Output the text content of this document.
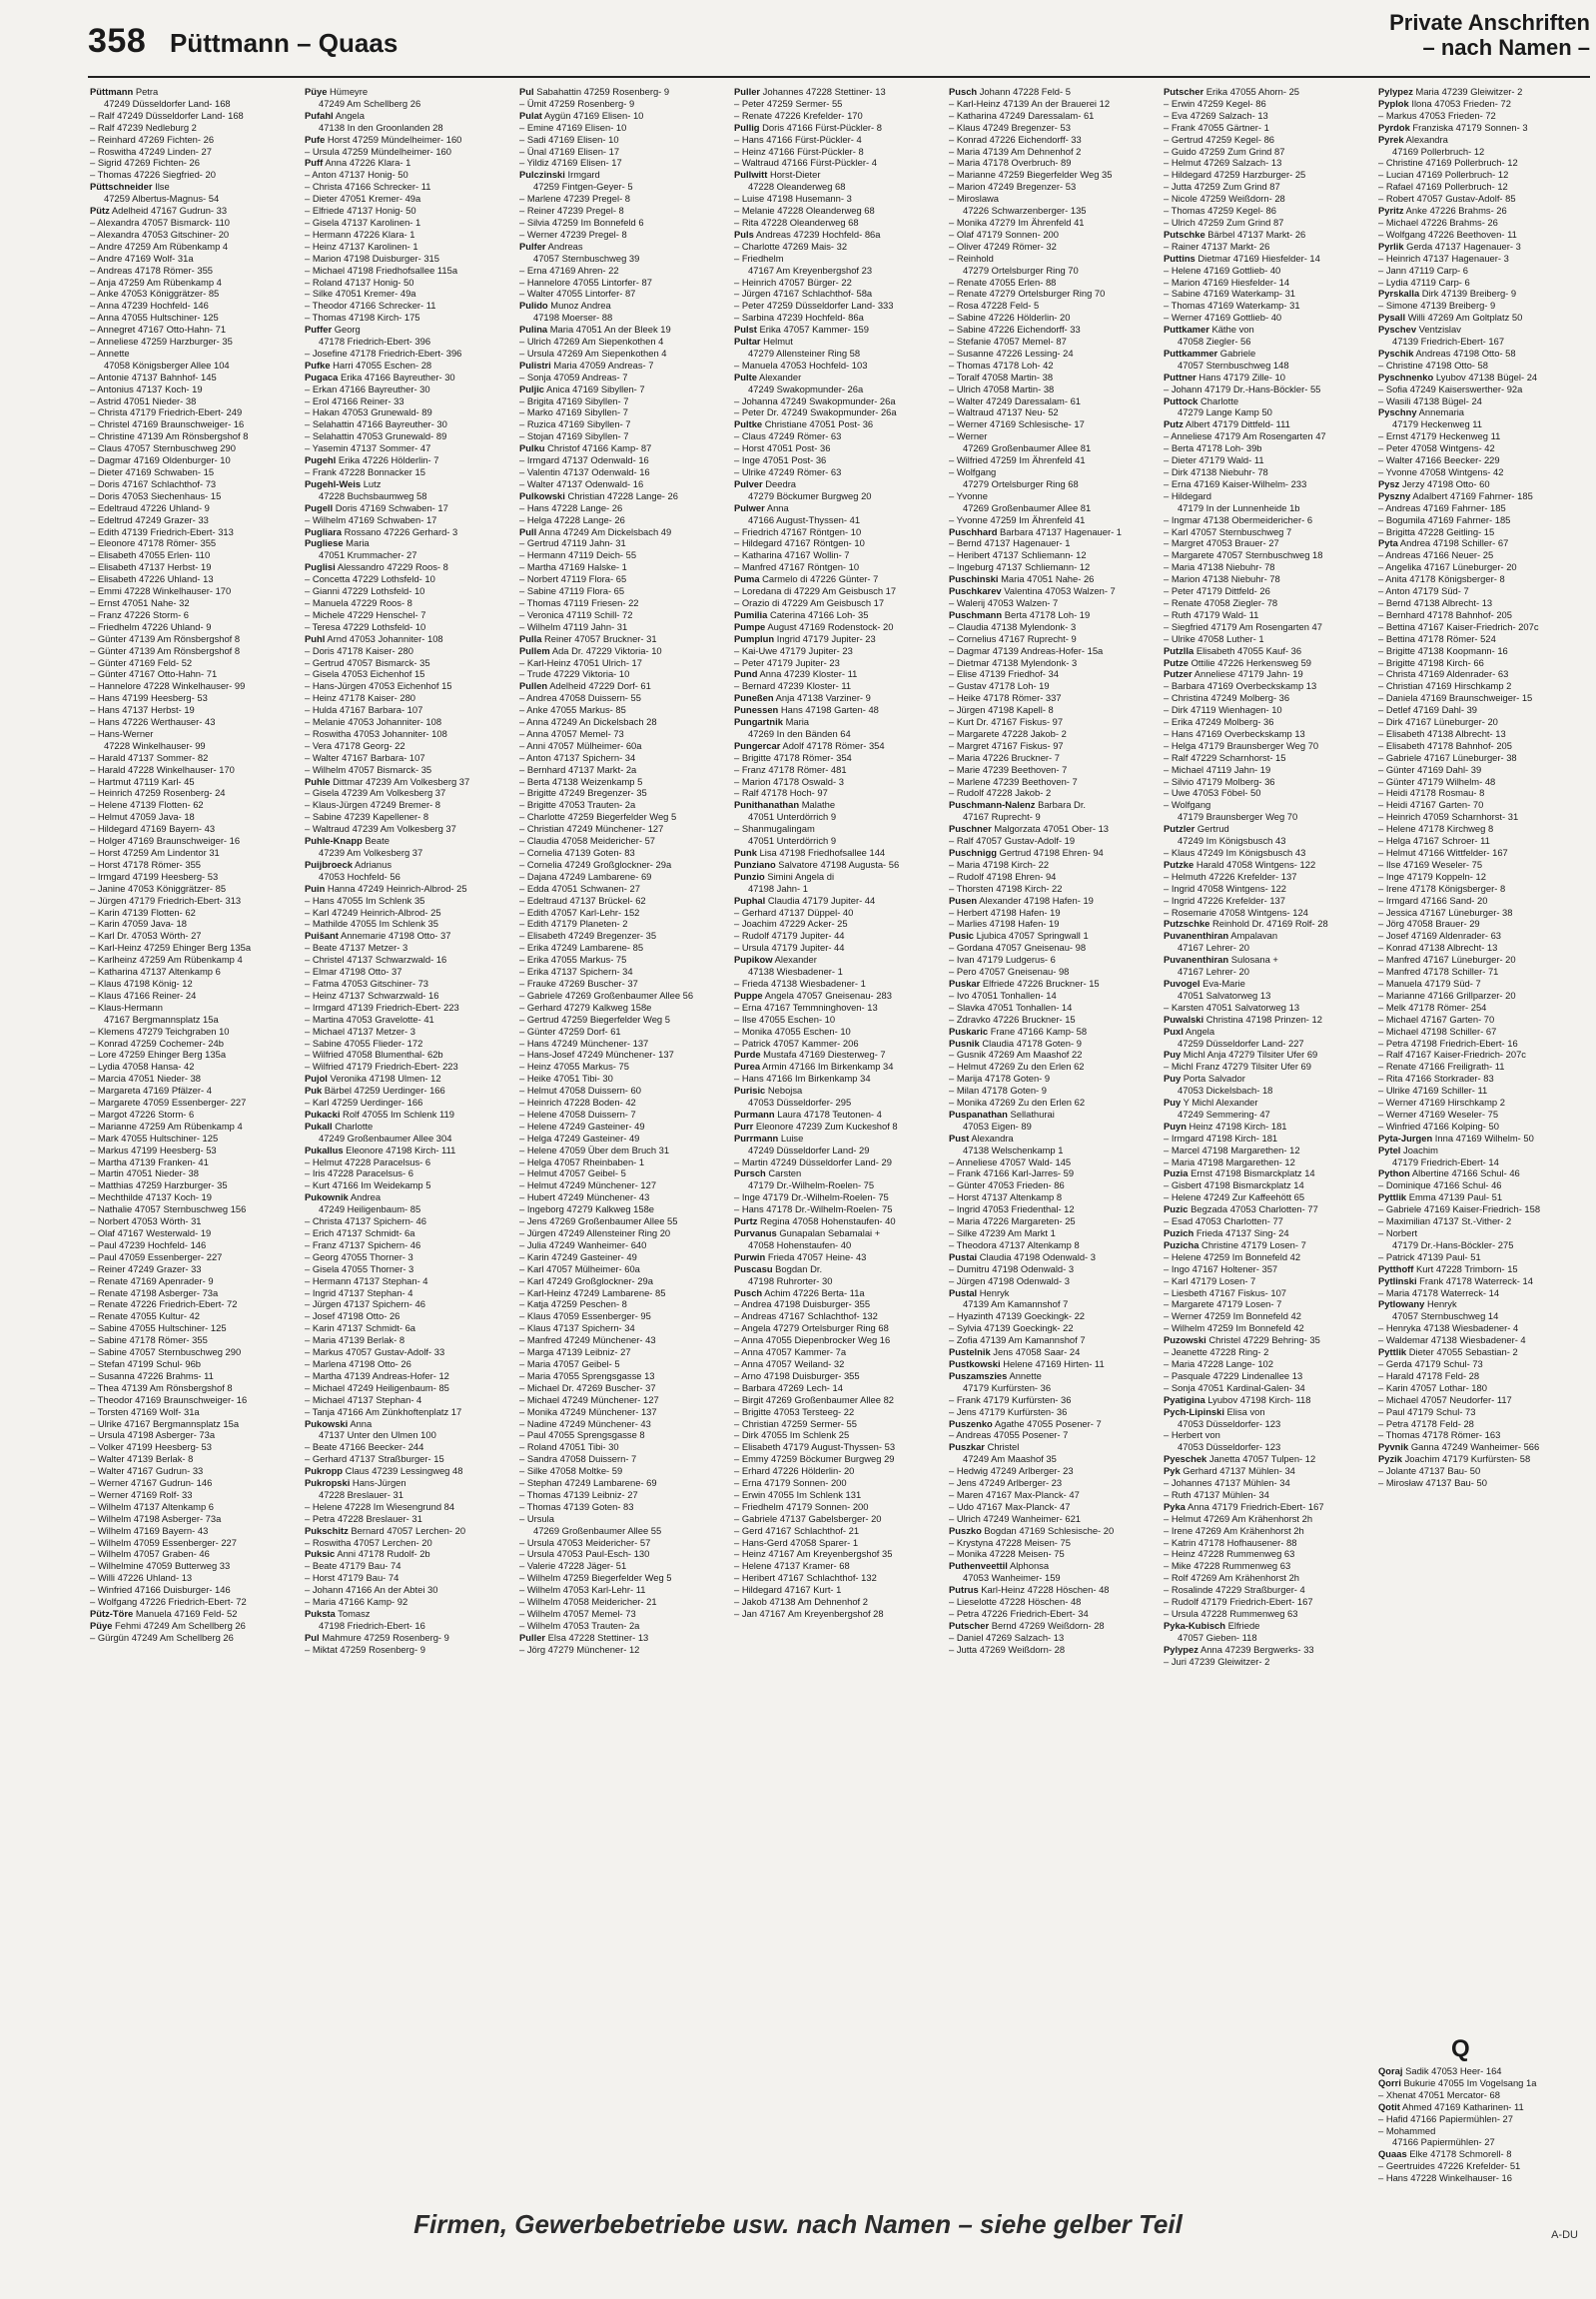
358 Püttmann – Quaas
Private Anschriften
– nach Namen –
Püttmann Petra
47249 Düsseldorfer Land- 168
– Ralf 47249 Düsseldorfer Land- 168
– Ralf 47239 Nedleburg 2
– Reinhard 47269 Fichten- 26
– Roswitha 47249 Linden- 27
– Sigrid 47269 Fichten- 26
– Thomas 47226 Siegfried- 20
Püttschneider Ilse
47259 Albertus-Magnus- 54
Pütz Adelheid 47167 Gudrun- 33
– Alexandra 47057 Bismarck- 110
– Alexandra 47053 Gitschiner- 20
– Andre 47259 Am Rübenkamp 4
– Andre 47169 Wolf- 31a
– Andreas 47178 Römer- 355
– Anja 47259 Am Rübenkamp 4
– Anke 47053 Königgrätzer- 85
– Anna 47239 Hochfeld- 146
– Anna 47055 Hultschiner- 125
– Annegret 47167 Otto-Hahn- 71
– Anneliese 47259 Harzburger- 35
– Annette
47058 Königsberger Allee 104
– Antonie 47137 Bahnhof- 145
– Antonius 47137 Koch- 19
– Astrid 47051 Nieder- 38
– Christa 47179 Friedrich-Ebert- 249
– Christel 47169 Braunschweiger- 16
– Christine 47139 Am Rönsbergshof 8
– Claus 47057 Sternbuschweg 290
– Dagmar 47169 Oldenburger- 10
– Dieter 47169 Schwaben- 15
– Doris 47167 Schlachthof- 73
– Doris 47053 Siechenhaus- 15
– Edeltraud 47226 Uhland- 9
– Edeltrud 47249 Grazer- 33
– Edith 47139 Friedrich-Ebert- 313
– Eleonore 47178 Römer- 355
– Elisabeth 47055 Erlen- 110
– Elisabeth 47137 Herbst- 19
– Elisabeth 47226 Uhland- 13
– Emmi 47228 Winkelhauser- 170
– Ernst 47051 Nahe- 32
– Franz 47226 Storm- 6
– Friedhelm 47226 Uhland- 9
– Günter 47139 Am Rönsbergshof 8
– Günter 47139 Am Rönsbergshof 8
– Günter 47169 Feld- 52
– Günter 47167 Otto-Hahn- 71
– Hannelore 47228 Winkelhauser- 99
– Hans 47199 Heesberg- 53
– Hans 47137 Herbst- 19
– Hans 47226 Werthauser- 43
– Hans-Werner
47228 Winkelhauser- 99
– Harald 47137 Sommer- 82
– Harald 47228 Winkelhauser- 170
– Hartmut 47119 Karl- 45
– Heinrich 47259 Rosenberg- 24
– Helene 47139 Flotten- 62
– Helmut 47059 Java- 18
– Hildegard 47169 Bayern- 43
– Holger 47169 Braunschweiger- 16
– Horst 47259 Am Lindentor 31
– Horst 47178 Römer- 355
– Irmgard 47199 Heesberg- 53
– Janine 47053 Königgrätzer- 85
– Jürgen 47179 Friedrich-Ebert- 313
– Karin 47139 Flotten- 62
– Karin 47059 Java- 18
– Karl Dr. 47053 Wörth- 27
– Karl-Heinz 47259 Ehinger Berg 135a
– Karlheinz 47259 Am Rübenkamp 4
– Katharina 47137 Altenkamp 6
– Klaus 47198 König- 12
– Klaus 47166 Reiner- 24
– Klaus-Hermann
47167 Bergmannsplatz 15a
– Klemens 47279 Teichgraben 10
– Konrad 47259 Cochemer- 24b
– Lore 47259 Ehinger Berg 135a
– Lydia 47058 Hansa- 42
– Marcia 47051 Nieder- 38
– Margareta 47169 Pfälzer- 4
– Margarete 47059 Essenberger- 227
– Margot 47226 Storm- 6
– Marianne 47259 Am Rübenkamp 4
– Mark 47055 Hultschiner- 125
– Markus 47199 Heesberg- 53
– Martha 47139 Franken- 41
– Martin 47051 Nieder- 38
– Matthias 47259 Harzburger- 35
– Mechthilde 47137 Koch- 19
– Nathalie 47057 Sternbuschweg 156
– Norbert 47053 Wörth- 31
– Olaf 47167 Westerwald- 19
– Paul 47239 Hochfeld- 146
– Paul 47059 Essenberger- 227
– Reiner 47249 Grazer- 33
– Renate 47169 Apenrader- 9
– Renate 47198 Asberger- 73a
– Renate 47226 Friedrich-Ebert- 72
– Renate 47055 Kultur- 42
– Sabine 47055 Hultschiner- 125
– Sabine 47178 Römer- 355
– Sabine 47057 Sternbuschweg 290
– Stefan 47199 Schul- 96b
– Susanna 47226 Brahms- 11
– Thea 47139 Am Rönsbergshof 8
– Theodor 47169 Braunschweiger- 16
– Torsten 47169 Wolf- 31a
– Ulrike 47167 Bergmannsplatz 15a
– Ursula 47198 Asberger- 73a
– Volker 47199 Heesberg- 53
– Walter 47139 Berlak- 8
– Walter 47167 Gudrun- 33
– Werner 47167 Gudrun- 146
– Werner 47169 Rolf- 33
– Wilhelm 47137 Altenkamp 6
– Wilhelm 47198 Asberger- 73a
– Wilhelm 47169 Bayern- 43
– Wilhelm 47059 Essenberger- 227
– Wilhelm 47057 Graben- 46
– Wilhelmine 47059 Butterweg 33
– Willi 47226 Uhland- 13
– Winfried 47166 Duisburger- 146
– Wolfgang 47226 Friedrich-Ebert- 72
Pütz-Töre Manuela 47169 Feld- 52
Püye Fehmi 47249 Am Schellberg 26
– Gürgün 47249 Am Schellberg 26
Püye Hümeyre
47249 Am Schellberg 26
Pufahl Angela
47138 In den Groonlanden 28
Pufe Horst 47259 Mündelheimer- 160
– Ursula 47259 Mündelheimer- 160
Puff Anna 47226 Klara- 1
– Anton 47137 Honig- 50
– Christa 47166 Schrecker- 11
– Dieter 47051 Kremer- 49a
– Elfriede 47137 Honig- 50
– Gisela 47137 Karolinen- 1
– Hermann 47226 Klara- 1
– Heinz 47137 Karolinen- 1
– Marion 47198 Duisburger- 315
– Michael 47198 Friedhofsallee 115a
– Roland 47137 Honig- 50
– Silke 47051 Kremer- 49a
– Theodor 47166 Schrecker- 11
– Thomas 47198 Kirch- 175
Puffer Georg
47178 Friedrich-Ebert- 396
– Josefine 47178 Friedrich-Ebert- 396
Pufke Harri 47055 Eschen- 28
Pugaca Erika 47166 Bayreuther- 30
– Erkan 47166 Bayreuther- 30
– Erol 47166 Reiner- 33
– Hakan 47053 Grunewald- 89
– Selahattin 47166 Bayreuther- 30
– Selahattin 47053 Grunewald- 89
– Yasemin 47137 Sommer- 47
Pugehl Erika 47226 Hölderlin- 7
– Frank 47228 Bonnacker 15
Pugehl-Weis Lutz
47228 Buchsbaumweg 58
Pugell Doris 47169 Schwaben- 17
– Wilhelm 47169 Schwaben- 17
Pugliara Rossano 47226 Gerhard- 3
Pugliese Maria
47051 Krummacher- 27
Puglisi Alessandro 47229 Roos- 8
– Concetta 47229 Lothsfeld- 10
– Gianni 47229 Lothsfeld- 10
– Manuela 47229 Roos- 8
– Michele 47229 Henschel- 7
– Teresa 47229 Lothsfeld- 10
Puhl Arnd 47053 Johanniter- 108
– Doris 47178 Kaiser- 280
– Gertrud 47057 Bismarck- 35
– Gisela 47053 Eichenhof 15
– Hans-Jürgen 47053 Eichenhof 15
– Heinz 47178 Kaiser- 280
– Hulda 47167 Barbara- 107
– Melanie 47053 Johanniter- 108
– Roswitha 47053 Johanniter- 108
– Vera 47178 Georg- 22
– Walter 47167 Barbara- 107
– Wilhelm 47057 Bismarck- 35
Puhle Dittmar 47239 Am Volkesberg 37
– Gisela 47239 Am Volkesberg 37
– Klaus-Jürgen 47249 Bremer- 8
– Sabine 47239 Kapellener- 8
– Waltraud 47239 Am Volkesberg 37
Puhle-Knapp Beate
47239 Am Volkesberg 37
Puijbroeck Adrianus
47053 Hochfeld- 56
Puin Hanna 47249 Heinrich-Albrod- 25
– Hans 47055 Im Schlenk 35
– Karl 47249 Heinrich-Albrod- 25
– Mathilde 47055 Im Schlenk 35
Puišant Annemarie 47198 Otto- 37
– Beate 47137 Metzer- 3
– Christel 47137 Schwarzwald- 16
– Elmar 47198 Otto- 37
– Fatma 47053 Gitschiner- 73
– Heinz 47137 Schwarzwald- 16
– Irmgard 47139 Friedrich-Ebert- 223
– Martina 47053 Gravelotte- 41
– Michael 47137 Metzer- 3
– Sabine 47055 Flieder- 172
– Wilfried 47058 Blumenthal- 62b
– Wilfried 47179 Friedrich-Ebert- 223
Pujol Veronika 47198 Ulmen- 12
Puk Bärbel 47259 Uerdinger- 166
– Karl 47259 Uerdinger- 166
Pukacki Rolf 47055 Im Schlenk 119
Pukall Charlotte
47249 Großenbaumer Allee 304
Pukallus Eleonore 47198 Kirch- 111
– Helmut 47228 Paracelsus- 6
– Iris 47228 Paracelsus- 6
– Kurt 47166 Im Weidekamp 5
Pukownik Andrea
47249 Heiligenbaum- 85
– Christa 47137 Spichern- 46
– Erich 47137 Schmidt- 6a
– Franz 47137 Spichern- 46
– Georg 47055 Thorner- 3
– Gisela 47055 Thorner- 3
– Hermann 47137 Stephan- 4
– Ingrid 47137 Stephan- 4
– Jürgen 47137 Spichern- 46
– Josef 47198 Otto- 26
– Karin 47137 Schmidt- 6a
– Maria 47139 Berlak- 8
– Markus 47057 Gustav-Adolf- 33
– Marlena 47198 Otto- 26
– Martha 47139 Andreas-Hofer- 12
– Michael 47249 Heiligenbaum- 85
– Michael 47137 Stephan- 4
– Tanja 47166 Am Zünkhoftenplatz 17
Pukowski Anna
47137 Unter den Ulmen 100
– Beate 47166 Beecker- 244
– Gerhard 47137 Straßburger- 15
Pukropp Claus 47239 Lessingweg 48
Pukropski Hans-Jürgen
47228 Breslauer- 31
– Helene 47228 Im Wiesengrund 84
– Petra 47228 Breslauer- 31
Pukschitz Bernard 47057 Lerchen- 20
– Roswitha 47057 Lerchen- 20
Puksic Anni 47178 Rudolf- 2b
– Beate 47179 Bau- 74
– Horst 47179 Bau- 74
– Johann 47166 An der Abtei 30
– Maria 47166 Kamp- 92
Puksta Tomasz
47198 Friedrich-Ebert- 16
Pul Mahmure 47259 Rosenberg- 9
– Miktat 47259 Rosenberg- 9
Pul Sabahattin 47259 Rosenberg- 9
– Ümit 47259 Rosenberg- 9
Pulat Aygün 47169 Elisen- 10
– Emine 47169 Elisen- 10
– Sadi 47169 Elisen- 10
– Ünal 47169 Elisen- 17
– Yildiz 47169 Elisen- 17
Pulczinski Irmgard
47259 Fintgen-Geyer- 5
– Marlene 47239 Pregel- 8
– Reiner 47239 Pregel- 8
– Silvia 47259 Im Bonnefeld 6
– Werner 47239 Pregel- 8
Pulfer Andreas
47057 Sternbuschweg 39
– Erna 47169 Ahren- 22
– Hannelore 47055 Lintorfer- 87
– Walter 47055 Lintorfer- 87
Pulido Munoz Andrea
47198 Moerser- 88
Pulina Maria 47051 An der Bleek 19
– Ulrich 47269 Am Siepenkothen 4
– Ursula 47269 Am Siepenkothen 4
Pulistri Maria 47059 Andreas- 7
– Sonja 47059 Andreas- 7
Puljic Anica 47169 Sibyllen- 7
– Brigita 47169 Sibyllen- 7
– Marko 47169 Sibyllen- 7
– Ruzica 47169 Sibyllen- 7
– Stojan 47169 Sibyllen- 7
Pulku Christof 47166 Kamp- 87
– Irmgard 47137 Odenwald- 16
– Valentin 47137 Odenwald- 16
– Walter 47137 Odenwald- 16
Pulkowski Christian 47228 Lange- 26
– Hans 47228 Lange- 26
– Helga 47228 Lange- 26
Pull Anna 47249 Am Dickelsbach 49
– Gertrud 47119 Jahn- 31
– Hermann 47119 Deich- 55
– Martha 47169 Halske- 1
– Norbert 47119 Flora- 65
– Sabine 47119 Flora- 65
– Thomas 47119 Friesen- 22
– Veronica 47119 Schill- 72
– Wilhelm 47119 Jahn- 31
Pulla Reiner 47057 Bruckner- 31
Pullem Ada Dr. 47229 Viktoria- 10
– Karl-Heinz 47051 Ulrich- 17
– Trude 47229 Viktoria- 10
Pullen Adelheid 47229 Dorf- 61
– Andrea 47058 Duissern- 55
– Anke 47055 Markus- 85
– Anna 47249 An Dickelsbach 28
– Anna 47057 Memel- 73
– Anni 47057 Mülheimer- 60a
– Anton 47137 Spichern- 34
– Bernhard 47137 Markt- 2a
– Berta 47138 Weizenkamp 5
– Brigitte 47249 Bregenzer- 35
– Brigitte 47053 Trauten- 2a
– Charlotte 47259 Biegerfelder Weg 5
– Christian 47249 Münchener- 127
– Claudia 47058 Meidericher- 57
– Cornelia 47139 Goten- 83
– Cornelia 47249 Großglockner- 29a
– Dajana 47249 Lambarene- 69
– Edda 47051 Schwanen- 27
– Edeltraud 47137 Brückel- 62
– Edith 47057 Karl-Lehr- 152
– Edith 47179 Planeten- 2
– Elisabeth 47249 Bregenzer- 35
– Erika 47249 Lambarene- 85
– Erika 47055 Markus- 75
– Erika 47137 Spichern- 34
– Frauke 47269 Buscher- 37
– Gabriele 47269 Großenbaumer Allee 56
– Gerhard 47279 Kalkweg 158e
– Gertrud 47259 Biegerfelder Weg 5
– Günter 47259 Dorf- 61
– Hans 47249 Münchener- 137
– Hans-Josef 47249 Münchener- 137
– Heinz 47055 Markus- 75
– Heike 47051 Tibi- 30
– Helmut 47058 Duissern- 60
– Heinrich 47228 Boden- 42
– Helene 47058 Duissern- 7
– Helene 47249 Gasteiner- 49
– Helga 47249 Gasteiner- 49
– Helene 47059 Über dem Bruch 31
– Helga 47057 Rheinbaben- 1
– Helmut 47057 Geibel- 5
– Helmut 47249 Münchener- 127
– Hubert 47249 Münchener- 43
– Ingeborg 47279 Kalkweg 158e
– Jens 47269 Großenbaumer Allee 55
– Jürgen 47249 Allensteiner Ring 20
– Julia 47249 Wanheimer- 640
– Karin 47249 Gasteiner- 49
– Karl 47057 Mülheimer- 60a
– Karl 47249 Großglockner- 29a
– Karl-Heinz 47249 Lambarene- 85
– Katja 47259 Peschen- 8
– Klaus 47059 Essenberger- 95
– Klaus 47137 Spichern- 34
– Manfred 47249 Münchener- 43
– Marga 47139 Leibniz- 27
– Maria 47057 Geibel- 5
– Maria 47055 Sprengsgasse 13
– Michael Dr. 47269 Buscher- 37
– Michael 47249 Münchener- 127
– Monika 47249 Münchener- 137
– Nadine 47249 Münchener- 43
– Paul 47055 Sprengsgasse 8
– Roland 47051 Tibi- 30
– Sandra 47058 Duissern- 7
– Silke 47058 Moltke- 59
– Stephan 47249 Lambarene- 69
– Thomas 47139 Leibniz- 27
– Thomas 47139 Goten- 83
– Ursula
47269 Großenbaumer Allee 55
– Ursula 47053 Meidericher- 57
– Ursula 47053 Paul-Esch- 130
– Valerie 47228 Jäger- 51
– Wilhelm 47259 Biegerfelder Weg 5
– Wilhelm 47053 Karl-Lehr- 11
– Wilhelm 47058 Meidericher- 21
– Wilhelm 47057 Memel- 73
– Wilhelm 47053 Trauten- 2a
Puller Elsa 47228 Stettiner- 13
– Jörg 47279 Münchener- 12
Puller Johannes 47228 Stettiner- 13
– Peter 47259 Sermer- 55
– Renate 47226 Krefelder- 170
Pullig Doris 47166 Fürst-Pückler- 8
– Hans 47166 Fürst-Pückler- 4
– Heinz 47166 Fürst-Pückler- 8
– Waltraud 47166 Fürst-Pückler- 4
Pullwitt Horst-Dieter
47228 Oleanderweg 68
– Luise 47198 Husemann- 3
– Melanie 47228 Oleanderweg 68
– Rita 47228 Oleanderweg 68
Puls Andreas 47239 Hochfeld- 86a
– Charlotte 47269 Mais- 32
– Friedhelm
47167 Am Kreyenbergshof 23
– Heinrich 47057 Bürger- 22
– Jürgen 47167 Schlachthof- 58a
– Peter 47259 Düsseldorfer Land- 333
– Sarbina 47239 Hochfeld- 86a
Pulst Erika 47057 Kammer- 159
Pultar Helmut
47279 Allensteiner Ring 58
– Manuela 47053 Hochfeld- 103
Pulte Alexander
47249 Swakopmunder- 26a
– Johanna 47249 Swakopmunder- 26a
– Peter Dr. 47249 Swakopmunder- 26a
Pultke Christiane 47051 Post- 36
– Claus 47249 Römer- 63
– Horst 47051 Post- 36
– Inge 47051 Post- 36
– Ulrike 47249 Römer- 63
Pulver Deedra
47279 Böckumer Burgweg 20
Pulwer Anna
47166 August-Thyssen- 41
– Friedrich 47167 Röntgen- 10
– Hildegard 47167 Röntgen- 10
– Katharina 47167 Wollin- 7
– Manfred 47167 Röntgen- 10
Puma Carmelo di 47226 Günter- 7
– Loredana di 47229 Am Geisbusch 17
– Orazio di 47229 Am Geisbusch 17
Pumilia Caterina 47166 Loh- 35
Pumpe August 47169 Rodenstock- 20
Pumplun Ingrid 47179 Jupiter- 23
– Kai-Uwe 47179 Jupiter- 23
– Peter 47179 Jupiter- 23
Pund Anna 47239 Kloster- 11
– Bernard 47239 Kloster- 11
Puneßen Anja 47138 Varziner- 9
Punessen Hans 47198 Garten- 48
Pungartnik Maria
47269 In den Bänden 64
Pungercar Adolf 47178 Römer- 354
– Brigitte 47178 Römer- 354
– Franz 47178 Römer- 481
– Marion 47178 Oswald- 3
– Ralf 47178 Hoch- 97
Punithanathan Malathe
47051 Unterdörrich 9
– Shanmugalingam
47051 Unterdörrich 9
Punk Lisa 47198 Friedhofsallee 144
Punziano Salvatore 47198 Augusta- 56
Punzio Simini Angela di
47198 Jahn- 1
Puphal Claudia 47179 Jupiter- 44
– Gerhard 47137 Düppel- 40
– Joachim 47229 Acker- 25
– Rudolf 47179 Jupiter- 44
– Ursula 47179 Jupiter- 44
Pupikow Alexander
47138 Wiesbadener- 1
– Frieda 47138 Wiesbadener- 1
Puppe Angela 47057 Gneisenau- 283
– Erna 47167 Temmninghoven- 13
– Ilse 47055 Eschen- 10
– Monika 47055 Eschen- 10
– Patrick 47057 Kammer- 206
Purde Mustafa 47169 Diesterweg- 7
Purea Armin 47166 Im Birkenkamp 34
– Hans 47166 Im Birkenkamp 34
Purisic Nebojsa
47053 Düsseldorfer- 295
Purmann Laura 47178 Teutonen- 4
Purr Eleonore 47239 Zum Kuckeshof 8
Purrmann Luise
47249 Düsseldorfer Land- 29
– Martin 47249 Düsseldorfer Land- 29
Pursch Carsten
47179 Dr.-Wilhelm-Roelen- 75
– Inge 47179 Dr.-Wilhelm-Roelen- 75
– Hans 47178 Dr.-Wilhelm-Roelen- 75
Purtz Regina 47058 Hohenstaufen- 40
Purvanus Gunapalan Sebamalai +
47058 Hohenstaufen- 40
Purwin Frieda 47057 Heine- 43
Puscasu Bogdan Dr.
47198 Ruhrorter- 30
Pusch Achim 47226 Berta- 11a
– Andrea 47198 Duisburger- 355
– Andreas 47167 Schlachthof- 132
– Angela 47279 Ortelsburger Ring 68
– Anna 47055 Diepenbrocker Weg 16
– Anna 47057 Kammer- 7a
– Anna 47057 Weiland- 32
– Arno 47198 Duisburger- 355
– Barbara 47269 Lech- 14
– Birgit 47269 Großenbaumer Allee 82
– Brigitte 47053 Tersteeg- 22
– Christian 47259 Sermer- 55
– Dirk 47055 Im Schlenk 25
– Elisabeth 47179 August-Thyssen- 53
– Emmy 47259 Böckumer Burgweg 29
– Erhard 47226 Hölderlin- 20
– Erna 47179 Sonnen- 200
– Erwin 47055 Im Schlenk 131
– Friedhelm 47179 Sonnen- 200
– Gabriele 47137 Gabelsberger- 20
– Gerd 47167 Schlachthof- 21
– Hans-Gerd 47058 Sparer- 1
– Heinz 47167 Am Kreyenbergshof 35
– Helene 47137 Kramer- 68
– Heribert 47167 Schlachthof- 132
– Hildegard 47167 Kurt- 1
– Jakob 47138 Am Dehnenhof 2
– Jan 47167 Am Kreyenbergshof 28
Pusch Johann 47228 Feld- 5
– Karl-Heinz 47139 An der Brauerei 12
– Katharina 47249 Daressalam- 61
– Klaus 47249 Bregenzer- 53
– Konrad 47226 Eichendorff- 33
– Maria 47139 Am Dehnenhof 2
– Maria 47178 Overbruch- 89
– Marianne 47259 Biegerfelder Weg 35
– Marion 47249 Bregenzer- 53
– Miroslawa
47226 Schwarzenberger- 135
– Monika 47279 Im Ährenfeld 41
– Olaf 47179 Sonnen- 200
– Oliver 47249 Römer- 32
– Reinhold
47279 Ortelsburger Ring 70
– Renate 47055 Erlen- 88
– Renate 47279 Ortelsburger Ring 70
– Rosa 47228 Feld- 5
– Sabine 47226 Hölderlin- 20
– Sabine 47226 Eichendorff- 33
– Stefanie 47057 Memel- 87
– Susanne 47226 Lessing- 24
– Thomas 47178 Loh- 42
– Toralf 47058 Martin- 38
– Ulrich 47058 Martin- 38
– Walter 47249 Daressalam- 61
– Waltraud 47137 Neu- 52
– Werner 47169 Schlesische- 17
– Werner
47269 Großenbaumer Allee 81
– Wilfried 47259 Im Ährenfeld 41
– Wolfgang
47279 Ortelsburger Ring 68
– Yvonne
47269 Großenbaumer Allee 81
– Yvonne 47259 Im Ährenfeld 41
Puschhard Barbara 47137 Hagenauer- 1
– Bernd 47137 Hagenauer- 1
– Heribert 47137 Schliemann- 12
– Ingeburg 47137 Schliemann- 12
Puschinski Maria 47051 Nahe- 26
Puschkarev Valentina 47053 Walzen- 7
– Walerij 47053 Walzen- 7
Puschmann Berta 47178 Loh- 19
– Claudia 47138 Mylendonk- 3
– Cornelius 47167 Ruprecht- 9
– Dagmar 47139 Andreas-Hofer- 15a
– Dietmar 47138 Mylendonk- 3
– Elise 47139 Friedhof- 34
– Gustav 47178 Loh- 19
– Heike 47178 Römer- 337
– Jürgen 47198 Kapell- 8
– Kurt Dr. 47167 Fiskus- 97
– Margarete 47228 Jakob- 2
– Margret 47167 Fiskus- 97
– Maria 47226 Bruckner- 7
– Marie 47239 Beethoven- 7
– Marlene 47239 Beethoven- 7
– Rudolf 47228 Jakob- 2
Puschmann-Nalenz Barbara Dr.
47167 Ruprecht- 9
Puschner Malgorzata 47051 Ober- 13
– Ralf 47057 Gustav-Adolf- 19
Puschnigg Gertrud 47198 Ehren- 94
– Maria 47198 Kirch- 22
– Rudolf 47198 Ehren- 94
– Thorsten 47198 Kirch- 22
Pusen Alexander 47198 Hafen- 19
– Herbert 47198 Hafen- 19
– Marlies 47198 Hafen- 19
Pusic Ljubica 47057 Springwall 1
– Gordana 47057 Gneisenau- 98
– Ivan 47179 Ludgerus- 6
– Pero 47057 Gneisenau- 98
Puskar Elfriede 47226 Bruckner- 15
– Ivo 47051 Tonhallen- 14
– Slavka 47051 Tonhallen- 14
– Zdravko 47226 Bruckner- 15
Puskaric Frane 47166 Kamp- 58
Pusnik Claudia 47178 Goten- 9
– Gusnik 47269 Am Maashof 22
– Helmut 47269 Zu den Erlen 62
– Marija 47178 Goten- 9
– Milan 47178 Goten- 9
– Monika 47269 Zu den Erlen 62
Puspanathan Sellathurai
47053 Eigen- 89
Pust Alexandra
47138 Welschenkamp 1
– Anneliese 47057 Wald- 145
– Frank 47166 Karl-Jarres- 59
– Günter 47053 Frieden- 86
– Horst 47137 Altenkamp 8
– Ingrid 47053 Friedenthal- 12
– Maria 47226 Margareten- 25
– Silke 47239 Am Markt 1
– Theodora 47137 Altenkamp 8
Pustai Claudia 47198 Odenwald- 3
– Dumitru 47198 Odenwald- 3
– Jürgen 47198 Odenwald- 3
Pustal Henryk
47139 Am Kamannshof 7
– Hyazinth 47139 Goeckingk- 22
– Sylvia 47139 Goeckingk- 22
– Zofia 47139 Am Kamannshof 7
Pustelnik Jens 47058 Saar- 24
Pustkowski Helene 47169 Hirten- 11
Puszamszies Annette
47179 Kurfürsten- 36
– Frank 47179 Kurfürsten- 36
– Jens 47179 Kurfürsten- 36
Puszenko Agathe 47055 Posener- 7
– Andreas 47055 Posener- 7
Puszkar Christel
47249 Am Maashof 35
– Hedwig 47249 Arlberger- 23
– Jens 47249 Arlberger- 23
– Maren 47167 Max-Planck- 47
– Udo 47167 Max-Planck- 47
– Ulrich 47249 Wanheimer- 621
Puszko Bogdan 47169 Schlesische- 20
– Krystyna 47228 Meisen- 75
– Monika 47228 Meisen- 75
Puthenveettil Alphonsa
47053 Wanheimer- 159
Putrus Karl-Heinz 47228 Höschen- 48
– Lieselotte 47228 Höschen- 48
– Petra 47226 Friedrich-Ebert- 34
Putscher Bernd 47269 Weißdorn- 28
– Daniel 47269 Salzach- 13
– Jutta 47269 Weißdorn- 28
Putscher Erika 47055 Ahorn- 25
– Erwin 47259 Kegel- 86
– Eva 47269 Salzach- 13
– Frank 47055 Gärtner- 1
– Gertrud 47259 Kegel- 86
– Guido 47259 Zum Grind 87
– Helmut 47269 Salzach- 13
– Hildegard 47259 Harzburger- 25
– Jutta 47259 Zum Grind 87
– Nicole 47259 Weißdorn- 28
– Thomas 47259 Kegel- 86
– Ulrich 47259 Zum Grind 87
Putschke Bärbel 47137 Markt- 26
– Rainer 47137 Markt- 26
Puttins Dietmar 47169 Hiesfelder- 14
– Helene 47169 Gottlieb- 40
– Marion 47169 Hiesfelder- 14
– Sabine 47169 Waterkamp- 31
– Thomas 47169 Waterkamp- 31
– Werner 47169 Gottlieb- 40
Puttkamer Käthe von
47058 Ziegler- 56
Puttkammer Gabriele
47057 Sternbuschweg 148
Puttner Hans 47179 Zille- 10
– Johann 47179 Dr.-Hans-Böckler- 55
Puttock Charlotte
47279 Lange Kamp 50
Putz Albert 47179 Dittfeld- 111
– Anneliese 47179 Am Rosengarten 47
– Berta 47178 Loh- 39b
– Dieter 47179 Wald- 11
– Dirk 47138 Niebuhr- 78
– Erna 47169 Kaiser-Wilhelm- 233
– Hildegard
47179 In der Lunnenheide 1b
– Ingmar 47138 Obermeidericher- 6
– Karl 47057 Sternbuschweg 7
– Margret 47053 Brauer- 27
– Margarete 47057 Sternbuschweg 18
– Maria 47138 Niebuhr- 78
– Marion 47138 Niebuhr- 78
– Peter 47179 Dittfeld- 26
– Renate 47058 Ziegler- 78
– Ruth 47179 Wald- 11
– Siegfried 47179 Am Rosengarten 47
– Ulrike 47058 Luther- 1
Putzlla Elisabeth 47055 Kauf- 36
Putze Ottilie 47226 Herkensweg 59
Putzer Anneliese 47179 Jahn- 19
– Barbara 47169 Overbeckskamp 13
– Christina 47249 Molberg- 36
– Dirk 47119 Wienhagen- 10
– Erika 47249 Molberg- 36
– Hans 47169 Overbeckskamp 13
– Helga 47179 Braunsberger Weg 70
– Ralf 47229 Scharnhorst- 15
– Michael 47119 Jahn- 19
– Silvio 47179 Molberg- 36
– Uwe 47053 Föbel- 50
– Wolfgang
47179 Braunsberger Weg 70
Putzler Gertrud
47249 Im Königsbusch 43
– Klaus 47249 Im Königsbusch 43
Putzke Harald 47058 Wintgens- 122
– Helmuth 47226 Krefelder- 137
– Ingrid 47058 Wintgens- 122
– Ingrid 47226 Krefelder- 137
– Rosemarie 47058 Wintgens- 124
Putzschke Reinhold Dr. 47169 Rolf- 28
Puvanenthiran Ampalavan
47167 Lehrer- 20
Puvanenthiran Sulosana +
47167 Lehrer- 20
Puvogel Eva-Marie
47051 Salvatorweg 13
– Karsten 47051 Salvatorweg 13
Puwalski Christina 47198 Prinzen- 12
Puxl Angela
47259 Düsseldorfer Land- 227
Puy Michl Anja 47279 Tilsiter Ufer 69
– Michl Franz 47279 Tilsiter Ufer 69
Puy Porta Salvador
47053 Dickelsbach- 18
Puy Y Michl Alexander
47249 Semmering- 47
Puyn Heinz 47198 Kirch- 181
– Irmgard 47198 Kirch- 181
– Marcel 47198 Margarethen- 12
– Maria 47198 Margarethen- 12
Puzia Ernst 47198 Bismarckplatz 14
– Gisbert 47198 Bismarckplatz 14
– Helene 47249 Zur Kaffeehött 65
Puzic Begzada 47053 Charlotten- 77
– Esad 47053 Charlotten- 77
Puzich Frieda 47137 Sing- 24
Puzicha Christine 47179 Losen- 7
– Helene 47259 Im Bonnefeld 42
– Ingo 47167 Holtener- 357
– Karl 47179 Losen- 7
– Liesbeth 47167 Fiskus- 107
– Margarete 47179 Losen- 7
– Werner 47259 Im Bonnefeld 42
– Wilhelm 47259 Im Bonnefeld 42
Puzowski Christel 47229 Behring- 35
– Jeanette 47228 Ring- 2
– Maria 47228 Lange- 102
– Pasquale 47229 Lindenallee 13
– Sonja 47051 Kardinal-Galen- 34
Pyatigina Lyubov 47198 Kirch- 118
Pych-Lipinski Elisa von
47053 Düsseldorfer- 123
– Herbert von
47053 Düsseldorfer- 123
Pyeschek Janetta 47057 Tulpen- 12
Pyk Gerhard 47137 Mühlen- 34
– Johannes 47137 Mühlen- 34
– Ruth 47137 Mühlen- 34
Pyka Anna 47179 Friedrich-Ebert- 167
– Helmut 47269 Am Krähenhorst 2h
– Irene 47269 Am Krähenhorst 2h
– Katrin 47178 Hofhausener- 88
– Heinz 47228 Rummenweg 63
– Mike 47228 Rummenweg 63
– Rolf 47269 Am Krähenhorst 2h
– Rosalinde 47229 Straßburger- 4
– Rudolf 47179 Friedrich-Ebert- 167
– Ursula 47228 Rummenweg 63
Pyka-Kubisch Elfriede
47057 Gieben- 118
Pylypez Anna 47239 Bergwerks- 33
– Juri 47239 Gleiwitzer- 2
Pylypez Maria 47239 Gleiwitzer- 2
Pyplok Ilona 47053 Frieden- 72
– Markus 47053 Frieden- 72
Pyrdok Franziska 47179 Sonnen- 3
Pyrek Alexandra
47169 Pollerbruch- 12
– Christine 47169 Pollerbruch- 12
– Lucian 47169 Pollerbruch- 12
– Rafael 47169 Pollerbruch- 12
– Robert 47057 Gustav-Adolf- 85
Pyritz Anke 47226 Brahms- 26
– Michael 47226 Brahms- 26
– Wolfgang 47226 Beethoven- 11
Pyrlik Gerda 47137 Hagenauer- 3
– Heinrich 47137 Hagenauer- 3
– Jann 47119 Carp- 6
– Lydia 47119 Carp- 6
Pyrskalla Dirk 47139 Breiberg- 9
– Simone 47139 Breiberg- 9
Pysall Willi 47269 Am Goltplatz 50
Pyschev Ventzislav
47139 Friedrich-Ebert- 167
Pyschik Andreas 47198 Otto- 58
– Christine 47198 Otto- 58
Pyschnenko Lyubov 47138 Bügel- 24
– Sofia 47249 Kaiserswerther- 92a
– Wasili 47138 Bügel- 24
Pyschny Annemaria
47179 Heckenweg 11
– Ernst 47179 Heckenweg 11
– Peter 47058 Wintgens- 42
– Walter 47166 Beecker- 229
– Yvonne 47058 Wintgens- 42
Pysz Jerzy 47198 Otto- 60
Pyszny Adalbert 47169 Fahrner- 185
– Andreas 47169 Fahrner- 185
– Bogumila 47169 Fahrner- 185
– Brigitta 47228 Geitling- 15
Pyta Andrea 47198 Schiller- 67
– Andreas 47166 Neuer- 25
– Angelika 47167 Lüneburger- 20
– Anita 47178 Königsberger- 8
– Anton 47179 Süd- 7
– Bernd 47138 Albrecht- 13
– Bernhard 47178 Bahnhof- 205
– Bettina 47167 Kaiser-Friedrich- 207c
– Bettina 47178 Römer- 524
– Brigitte 47138 Koopmann- 16
– Brigitte 47198 Kirch- 66
– Christa 47169 Aldenrader- 63
– Christian 47169 Hirschkamp 2
– Daniela 47169 Braunschweiger- 15
– Detlef 47169 Dahl- 39
– Dirk 47167 Lüneburger- 20
– Elisabeth 47138 Albrecht- 13
– Elisabeth 47178 Bahnhof- 205
– Gabriele 47167 Lüneburger- 38
– Günter 47169 Dahl- 39
– Günter 47179 Wilhelm- 48
– Heidi 47178 Rosmau- 8
– Heidi 47167 Garten- 70
– Heinrich 47059 Scharnhorst- 31
– Helene 47178 Kirchweg 8
– Helga 47167 Schroer- 11
– Helmut 47166 Wittfelder- 167
– Ilse 47169 Weseler- 75
– Inge 47179 Koppeln- 12
– Irene 47178 Königsberger- 8
– Irmgard 47166 Sand- 20
– Jessica 47167 Lüneburger- 38
– Jörg 47058 Brauer- 29
– Josef 47169 Aldenrader- 63
– Konrad 47138 Albrecht- 13
– Manfred 47167 Lüneburger- 20
– Manfred 47178 Schiller- 71
– Manuela 47179 Süd- 7
– Marianne 47166 Grillparzer- 20
– Melk 47178 Römer- 254
– Michael 47167 Garten- 70
– Michael 47198 Schiller- 67
– Petra 47198 Friedrich-Ebert- 16
– Ralf 47167 Kaiser-Friedrich- 207c
– Renate 47166 Freiligrath- 11
– Rita 47166 Storkrader- 83
– Ulrike 47169 Schiller- 11
– Werner 47169 Hirschkamp 2
– Werner 47169 Weseler- 75
– Winfried 47166 Kolping- 50
Pyta-Jurgen Inna 47169 Wilhelm- 50
Pytel Joachim
47179 Friedrich-Ebert- 14
Python Albertine 47166 Schul- 46
– Dominique 47166 Schul- 46
Pyttlik Emma 47139 Paul- 51
– Gabriele 47169 Kaiser-Friedrich- 158
– Maximilian 47137 St.-Vither- 2
– Norbert
47179 Dr.-Hans-Böckler- 275
– Patrick 47139 Paul- 51
Pytthoff Kurt 47228 Trimborn- 15
Pytlinski Frank 47178 Waterreck- 14
– Maria 47178 Waterreck- 14
Pytlowany Henryk
47057 Sternbuschweg 14
– Henryka 47138 Wiesbadener- 4
– Waldemar 47138 Wiesbadener- 4
Pyttlik Dieter 47055 Sebastian- 2
– Gerda 47179 Schul- 73
– Harald 47178 Feld- 28
– Karin 47057 Lothar- 180
– Michael 47057 Neudorfer- 117
– Paul 47179 Schul- 73
– Petra 47178 Feld- 28
– Thomas 47178 Römer- 163
Pyvnik Ganna 47249 Wanheimer- 566
Pyzik Joachim 47179 Kurfürsten- 58
– Jolante 47137 Bau- 50
– Mirosław 47137 Bau- 50
Q
Qoraj Sadik 47053 Heer- 164
Qorri Bukurie 47055 Im Vogelsang 1a
– Xhenat 47051 Mercator- 68
Qotit Ahmed 47169 Katharinen- 11
– Hafid 47166 Papiermühlen- 27
– Mohammed
47166 Papiermühlen- 27
Quaas Elke 47178 Schmorell- 8
– Geertruides 47226 Krefelder- 51
– Hans 47228 Winkelhauser- 16
Firmen, Gewerbebetriebe usw. nach Namen – siehe gelber Teil	A-DU
